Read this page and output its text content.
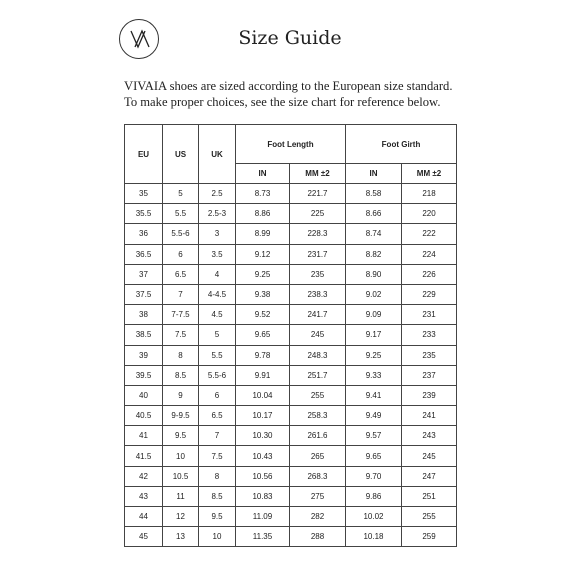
Size Guide
VIVAIA shoes are sized according to the European size standard.
To make proper choices, see the size chart for reference below.
EU	US	UK	Foot Length		Foot Girth	
			IN	MM ±2	IN	MM ±2
35	5	2.5	8.73	221.7	8.58	218
35.5	5.5	2.5-3	8.86	225	8.66	220
36	5.5-6	3	8.99	228.3	8.74	222
36.5	6	3.5	9.12	231.7	8.82	224
37	6.5	4	9.25	235	8.90	226
37.5	7	4-4.5	9.38	238.3	9.02	229
38	7-7.5	4.5	9.52	241.7	9.09	231
38.5	7.5	5	9.65	245	9.17	233
39	8	5.5	9.78	248.3	9.25	235
39.5	8.5	5.5-6	9.91	251.7	9.33	237
40	9	6	10.04	255	9.41	239
40.5	9-9.5	6.5	10.17	258.3	9.49	241
41	9.5	7	10.30	261.6	9.57	243
41.5	10	7.5	10.43	265	9.65	245
42	10.5	8	10.56	268.3	9.70	247
43	11	8.5	10.83	275	9.86	251
44	12	9.5	11.09	282	10.02	255
45	13	10	11.35	288	10.18	259
